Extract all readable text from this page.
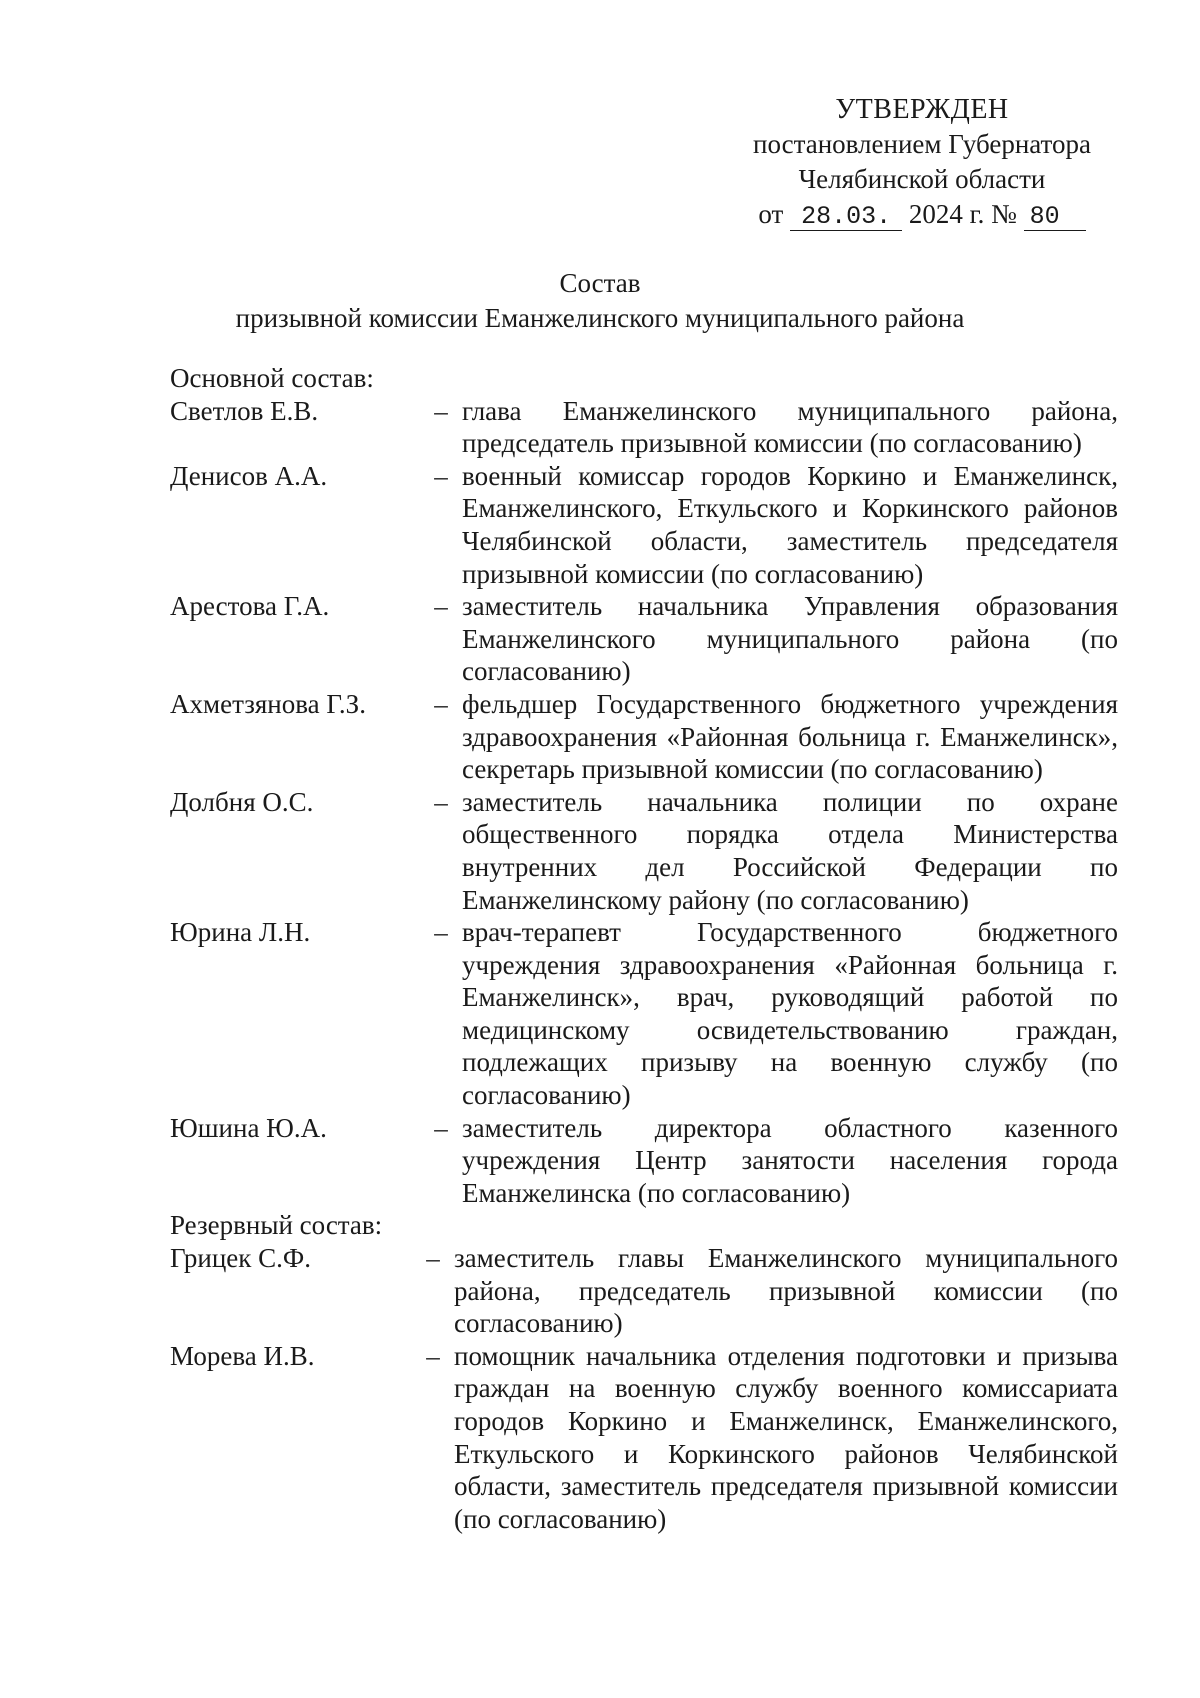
УТВЕРЖДЕН
постановлением Губернатора
Челябинской области
от 28.03. 2024 г. № 80
Состав
призывной комиссии Еманжелинского муниципального района

Основной состав:

Светлов Е.В.	– глава Еманжелинского муниципального района, председатель призывной комиссии (по согласованию)
Денисов А.А.	– военный комиссар городов Коркино и Еманжелинск, Еманжелинского, Еткульского и Коркинского районов Челябинской области, заместитель председателя призывной комиссии (по согласованию)
Арестова Г.А.	– заместитель начальника Управления образования Еманжелинского муниципального района (по согласованию)
Ахметзянова Г.З.	– фельдшер Государственного бюджетного учреждения здравоохранения «Районная больница г. Еманжелинск», секретарь призывной комиссии (по согласованию)
Долбня О.С.	– заместитель начальника полиции по охране общественного порядка отдела Министерства внутренних дел Российской Федерации по Еманжелинскому району (по согласованию)
Юрина Л.Н.	– врач-терапевт Государственного бюджетного учреждения здравоохранения «Районная больница г. Еманжелинск», врач, руководящий работой по медицинскому освидетельствованию граждан, подлежащих призыву на военную службу (по согласованию)
Юшина Ю.А.	– заместитель директора областного казенного учреждения Центр занятости населения города Еманжелинска (по согласованию)

Резервный состав:

Грицек С.Ф.	– заместитель главы Еманжелинского муниципального района, председатель призывной комиссии (по согласованию)
Морева И.В.	– помощник начальника отделения подготовки и призыва граждан на военную службу военного комиссариата городов Коркино и Еманжелинск, Еманжелинского, Еткульского и Коркинского районов Челябинской области, заместитель председателя призывной комиссии (по согласованию)
